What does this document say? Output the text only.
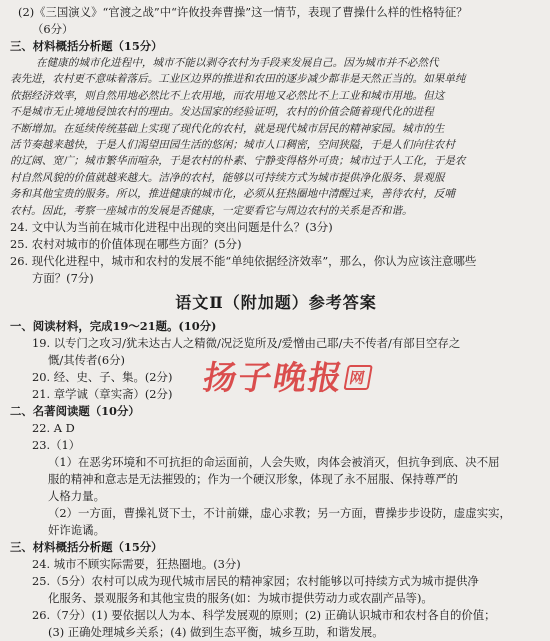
(2)《三国演义》“官渡之战”中“许攸投奔曹操”这一情节，表现了曹操什么样的性格特征？
（6分）
三、材料概括分析题（15分）
在健康的城市化进程中，城市不能以剥夺农村为手段来发展自己。因为城市并不必然代
表先进，农村更不意味着落后。工业区边界的推进和农田的逐步减少都非是天然正当的。如果单纯
依据经济效率，则自然用地必然比不上农用地，而农用地又必然比不上工业和城市用地。但这
不是城市无止境地侵蚀农村的理由。发达国家的经验证明，农村的价值会随着现代化的进程
不断增加。在延续传统基础上实现了现代化的农村，就是现代城市居民的精神家园。城市的生
活节奏越来越快，于是人们渴望田园生活的悠闲；城市人口稠密，空间狭隘，于是人们向往农村
的辽阔、宽广；城市繁华而喧杂，于是农村的朴素、宁静变得格外可贵；城市过于人工化，于是农
村自然风貌的价值就越来越大。洁净的农村，能够以可持续方式为城市提供净化服务、景观服
务和其他宝贵的服务。所以，推进健康的城市化，必须从狂热圈地中清醒过来，善待农村，反哺
农村。因此，考察一座城市的发展是否健康，一定要看它与周边农村的关系是否和谐。
24. 文中认为当前在城市化进程中出现的突出问题是什么？(3分)
25. 农村对城市的价值体现在哪些方面？(5分)
26. 现代化进程中，城市和农村的发展不能“单纯依据经济效率”，那么，你认为应该注意哪些
方面？(7分)
语文Ⅱ（附加题）参考答案
一、阅读材料，完成19～21题。(10分)
19. 以专门之攻习/犹未达古人之精微/况泛览所及/爱憎由己耶/夫不传者/有部目空存之
慨/其传者(6分)
20. 经、史、子、集。(2分)
21. 章学诚（章实斋）(2分)
二、名著阅读题（10分）
22. A D
23.（1）
（1）在恶劣环境和不可抗拒的命运面前，人会失败，肉体会被消灭，但抗争到底、决不屈
服的精神和意志是无法摧毁的；作为一个硬汉形象，体现了永不屈服、保持尊严的
人格力量。
（2）一方面，曹操礼贤下士，不计前嫌，虚心求教；另一方面，曹操步步设防，虚虚实实，
奸诈诡谲。
三、材料概括分析题（15分）
24. 城市不顾实际需要，狂热圈地。(3分)
25.（5分）农村可以成为现代城市居民的精神家园；农村能够以可持续方式为城市提供净
化服务、景观服务和其他宝贵的服务(如：为城市提供劳动力或农副产品等)。
26.（7分）(1) 要依据以人为本、科学发展观的原则；(2) 正确认识城市和农村各自的价值；
(3) 正确处理城乡关系；(4) 做到生态平衡，城乡互助，和谐发展。
扬子晚报网
